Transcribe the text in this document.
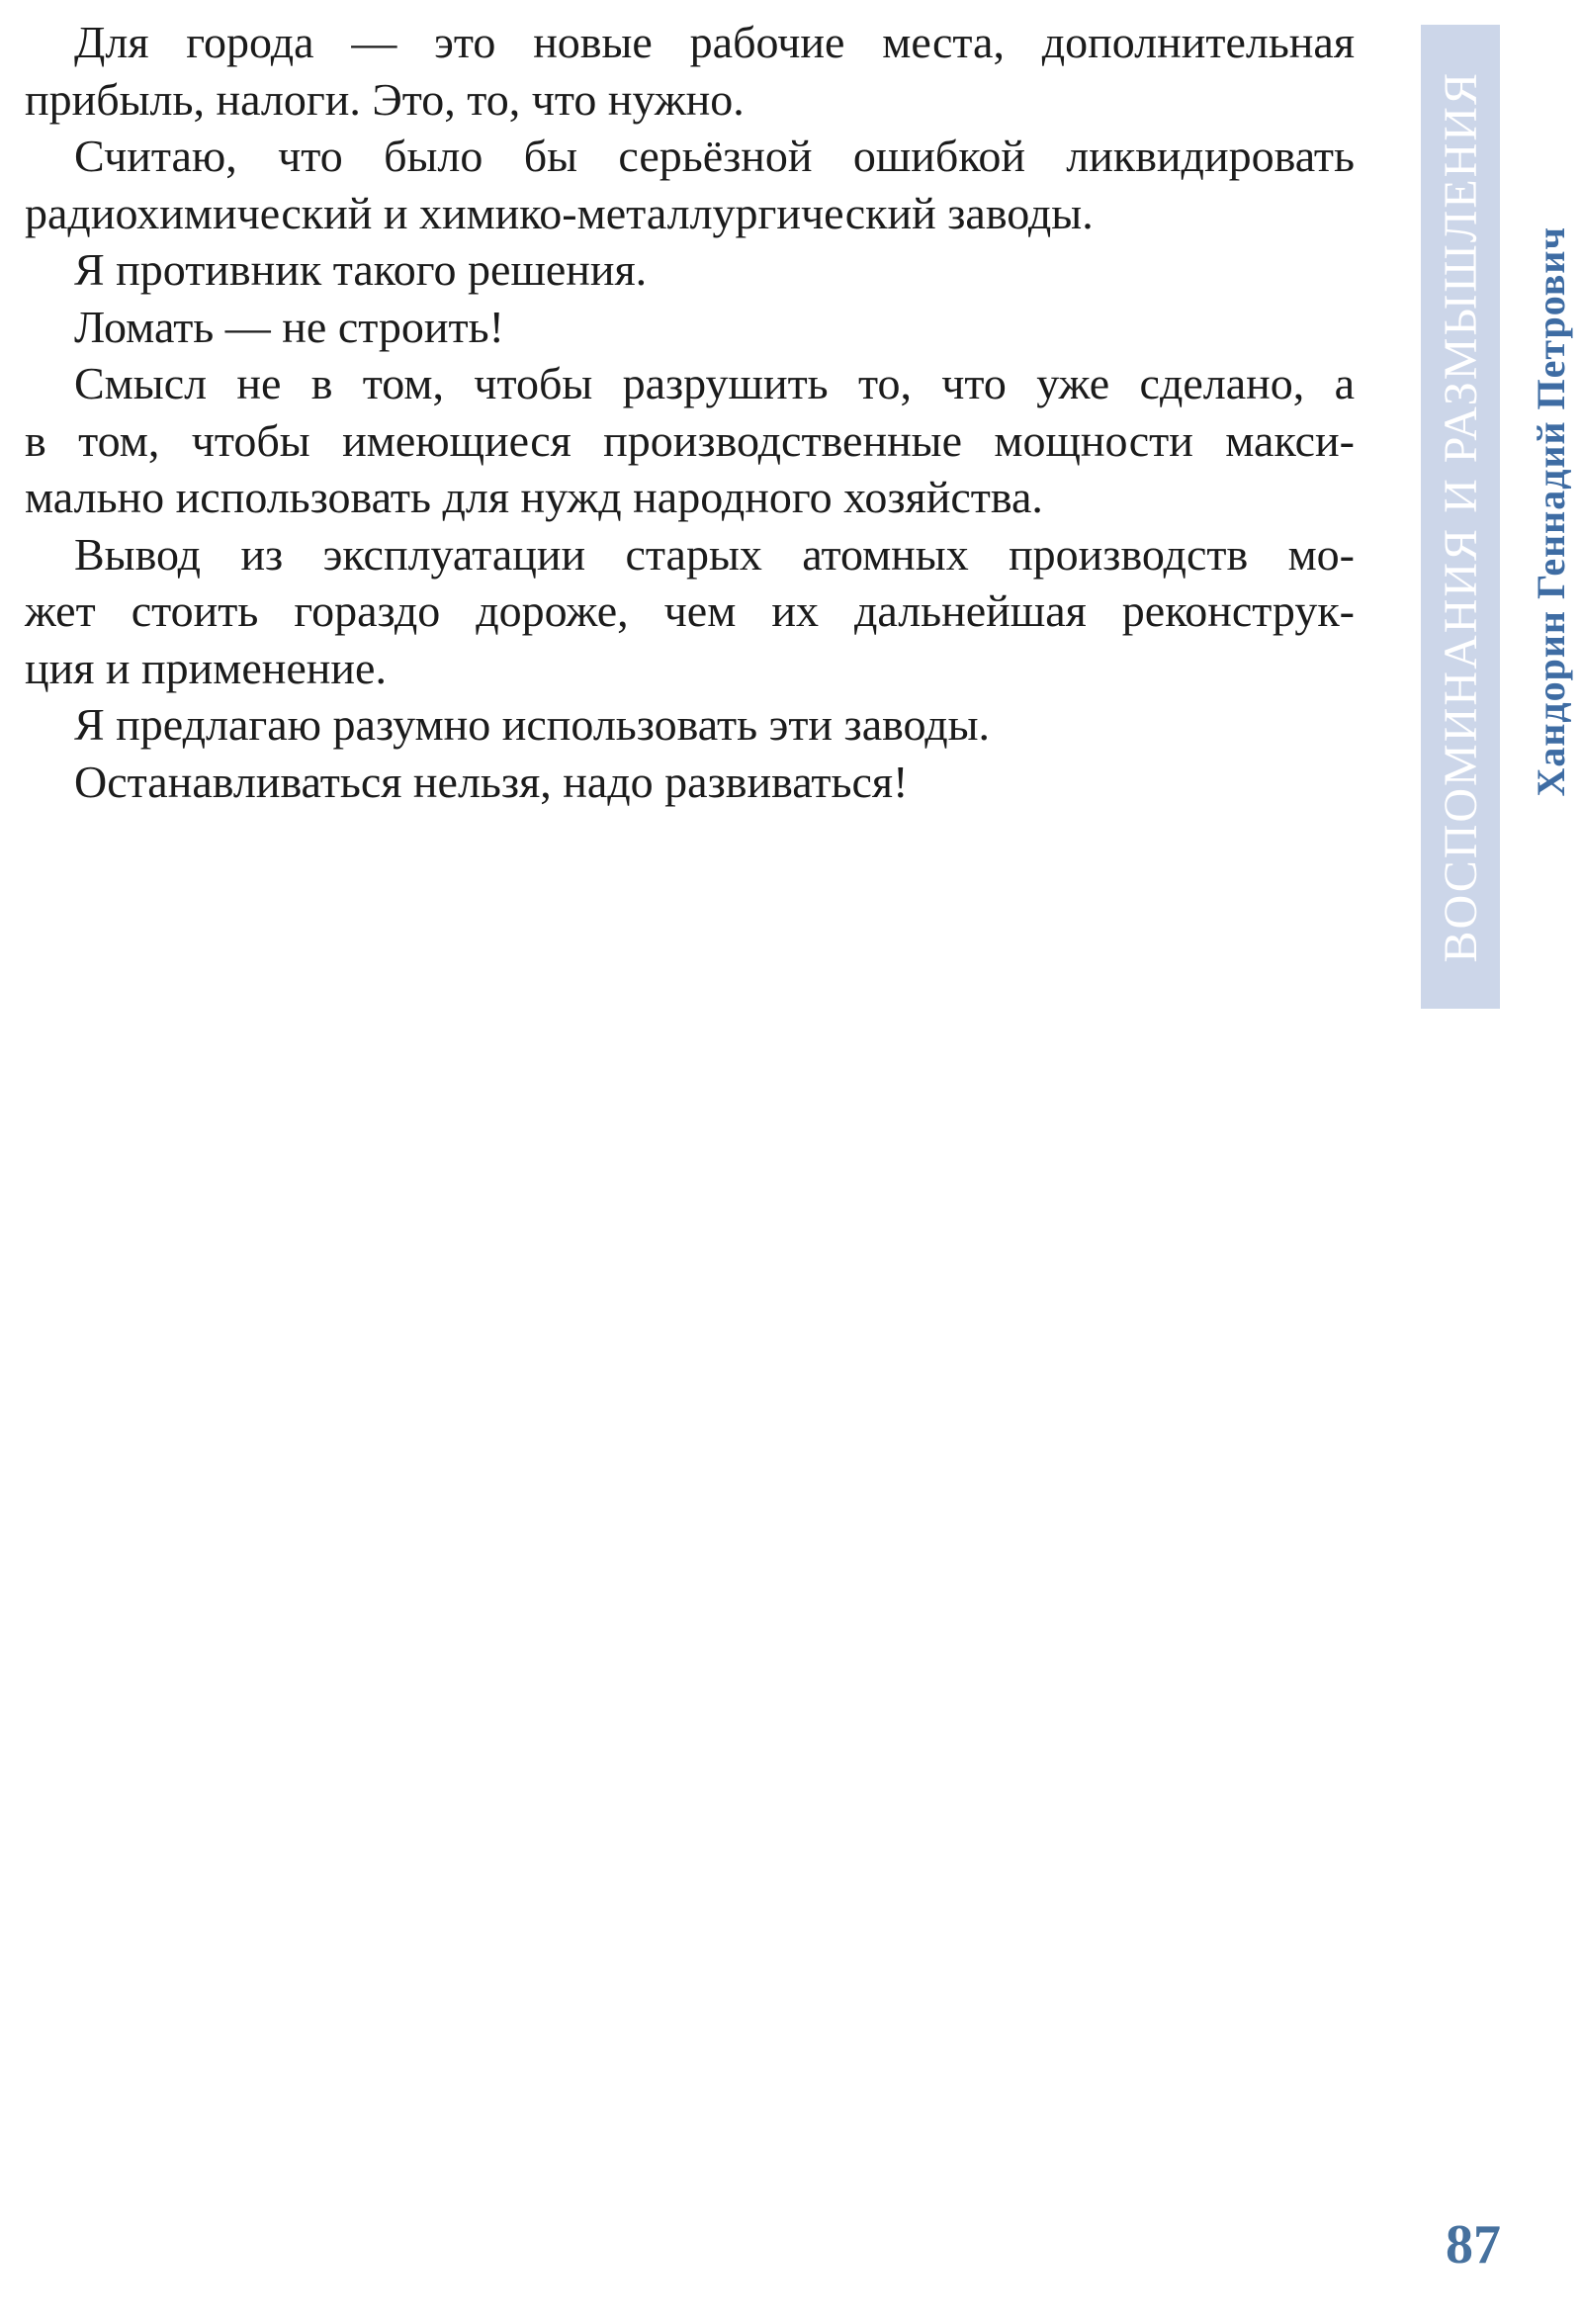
Для города — это новые рабочие места, дополнительная
прибыль, налоги. Это, то, что нужно.
Считаю, что было бы серьёзной ошибкой ликвидировать
радиохимический и химико-металлургический заводы.
Я противник такого решения.
Ломать — не строить!
Смысл не в том, чтобы разрушить то, что уже сделано, а
в том, чтобы имеющиеся производственные мощности макси-
мально использовать для нужд народного хозяйства.
Вывод из эксплуатации старых атомных производств мо-
жет стоить гораздо дороже, чем их дальнейшая реконструк-
ция и применение.
Я предлагаю разумно использовать эти заводы.
Останавливаться нельзя, надо развиваться!	ВОСПОМИНАНИЯ И РАЗМЫШЛЕНИЯ Хандорин Геннадий Петрович
87
